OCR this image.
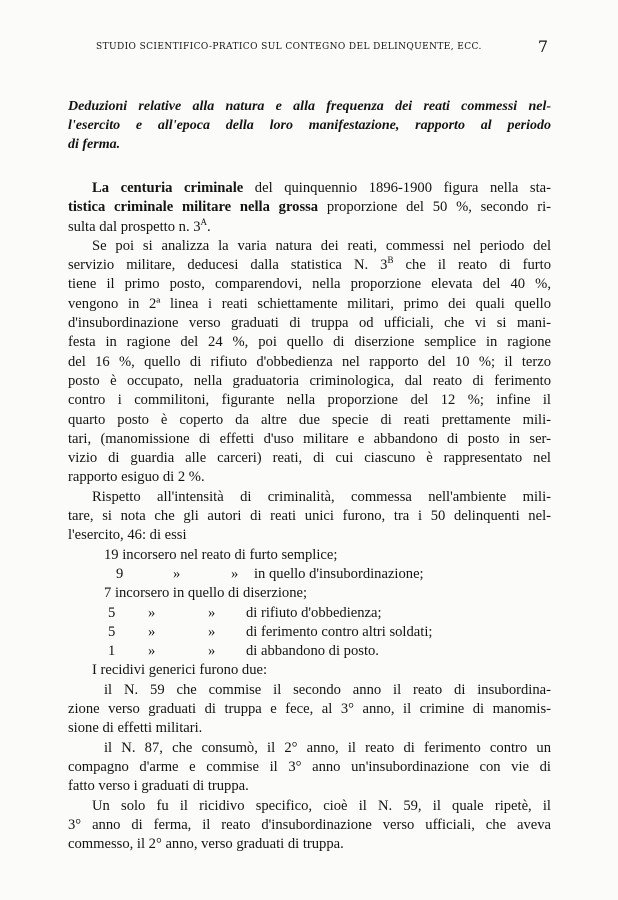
STUDIO SCIENTIFICO-PRATICO SUL CONTEGNO DEL DELINQUENTE, ECC.	7
Deduzioni relative alla natura e alla frequenza dei reati commessi nel-
l'esercito e all'epoca della loro manifestazione, rapporto al periodo
di ferma.
La centuria criminale del quinquennio 1896-1900 figura nella sta-
tistica criminale militare nella grossa proporzione del 50 %, secondo ri-
sulta dal prospetto n. $3^A$.
Se poi si analizza la varia natura dei reati, commessi nel periodo del
servizio militare, deducesi dalla statistica N. $3^B$ che il reato di furto
tiene il primo posto, comparendovi, nella proporzione elevata del 40 %,
vengono in 2ª linea i reati schiettamente militari, primo dei quali quello
d'insubordinazione verso graduati di truppa od ufficiali, che vi si mani-
festa in ragione del 24 %, poi quello di diserzione semplice in ragione
del 16 %, quello di rifiuto d'obbedienza nel rapporto del 10 %; il terzo
posto è occupato, nella graduatoria criminologica, dal reato di ferimento
contro i commilitoni, figurante nella proporzione del 12 %; infine il
quarto posto è coperto da altre due specie di reati prettamente mili-
tari, (manomissione di effetti d'uso militare e abbandono di posto in ser-
vizio di guardia alle carceri) reati, di cui ciascuno è rappresentato nel
rapporto esiguo di 2 %.
Rispetto all'intensità di criminalità, commessa nell'ambiente mili-
tare, si nota che gli autori di reati unici furono, tra i 50 delinquenti nel-
l'esercito, 46: di essi
19 incorsero nel reato di furto semplice;
9	»	» in quello d'insubordinazione;
7 incorsero in quello di diserzione;
5 »	» di rifiuto d'obbedienza;
5 »	» di ferimento contro altri soldati;
1 »	» di abbandono di posto.
I recidivi generici furono due:
il N. 59 che commise il secondo anno il reato di insubordina-
zione verso graduati di truppa e fece, al 3° anno, il crimine di manomis-
sione di effetti militari.
il N. 87, che consumò, il 2° anno, il reato di ferimento contro un
compagno d'arme e commise il 3° anno un'insubordinazione con vie di
fatto verso i graduati di truppa.
Un solo fu il ricidivo specifico, cioè il N. 59, il quale ripetè, il
3° anno di ferma, il reato d'insubordinazione verso ufficiali, che aveva
commesso, il 2° anno, verso graduati di truppa.
